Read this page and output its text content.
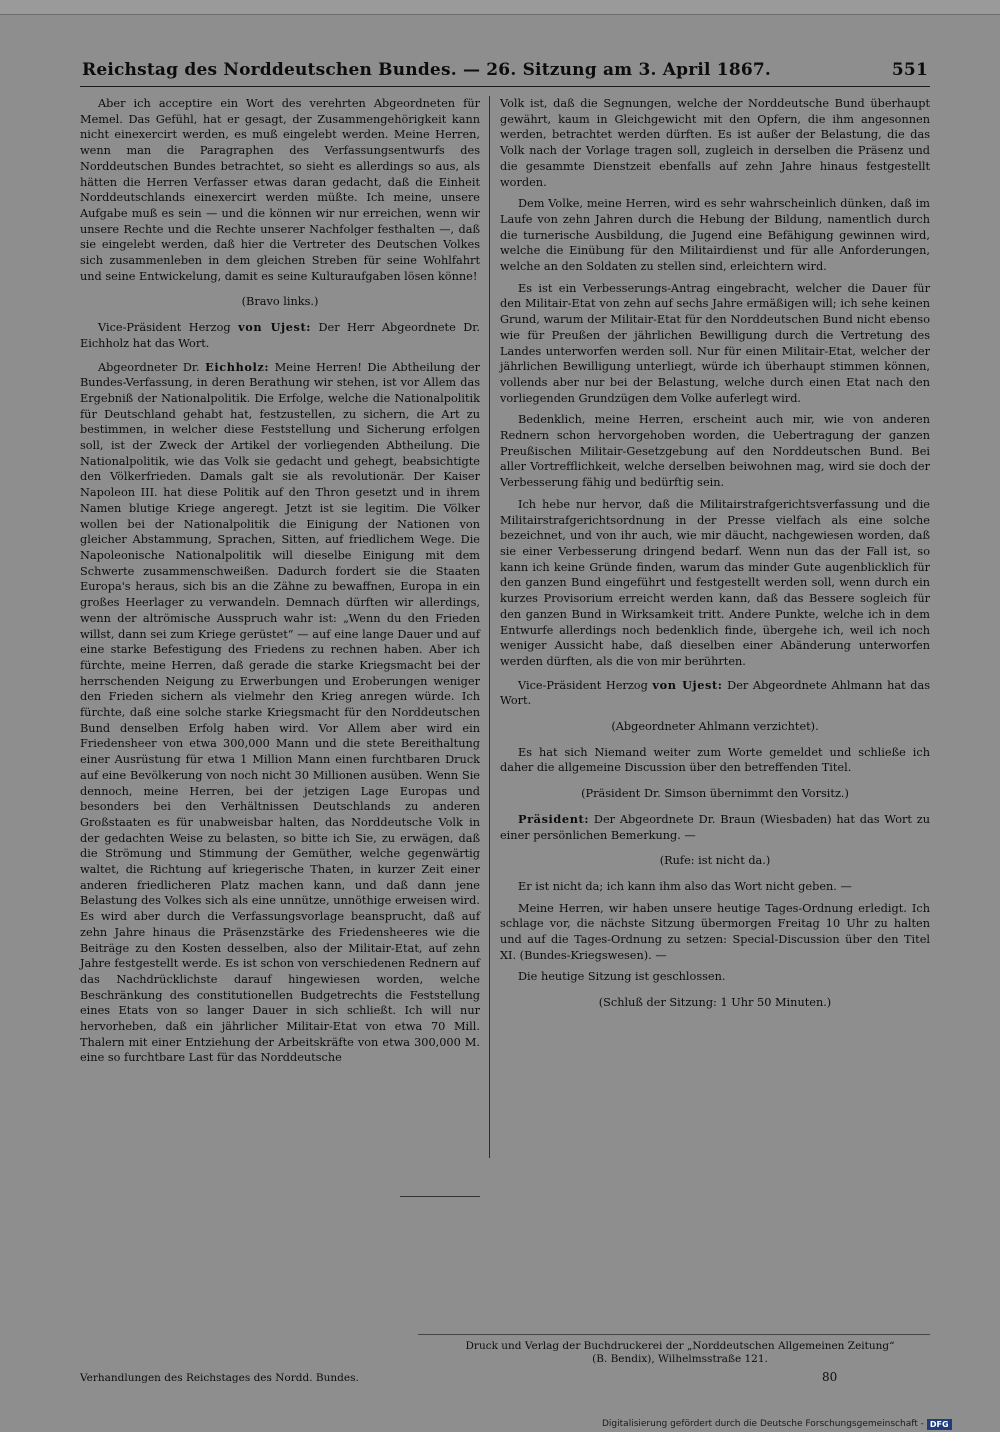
Reichstag des Norddeutschen Bundes. — 26. Sitzung am 3. April 1867.	551

Aber ich acceptire ein Wort des verehrten Abgeordneten für Memel. Das Gefühl, hat er gesagt, der Zusammengehörigkeit kann nicht einexercirt werden, es muß eingelebt werden. Meine Herren, wenn man die Paragraphen des Verfassungsentwurfs des Norddeutschen Bundes betrachtet, so sieht es allerdings so aus, als hätten die Herren Verfasser etwas daran gedacht, daß die Einheit Norddeutschlands einexercirt werden müßte. Ich meine, unsere Aufgabe muß es sein — und die können wir nur erreichen, wenn wir unsere Rechte und die Rechte unserer Nachfolger festhalten —, daß sie eingelebt werden, daß hier die Vertreter des Deutschen Volkes sich zusammenleben in dem gleichen Streben für seine Wohlfahrt und seine Entwickelung, damit es seine Kulturaufgaben lösen könne!

(Bravo links.)

Vice-Präsident Herzog von Ujest: Der Herr Abgeordnete Dr. Eichholz hat das Wort.

Abgeordneter Dr. Eichholz: Meine Herren! Die Abtheilung der Bundes-Verfassung, in deren Berathung wir stehen, ist vor Allem das Ergebniß der Nationalpolitik. Die Erfolge, welche die Nationalpolitik für Deutschland gehabt hat, festzustellen, zu sichern, die Art zu bestimmen, in welcher diese Feststellung und Sicherung erfolgen soll, ist der Zweck der Artikel der vorliegenden Abtheilung. Die Nationalpolitik, wie das Volk sie gedacht und gehegt, beabsichtigte den Völkerfrieden. Damals galt sie als revolutionär. Der Kaiser Napoleon III. hat diese Politik auf den Thron gesetzt und in ihrem Namen blutige Kriege angeregt. Jetzt ist sie legitim. Die Völker wollen bei der Nationalpolitik die Einigung der Nationen von gleicher Abstammung, Sprachen, Sitten, auf friedlichem Wege. Die Napoleonische Nationalpolitik will dieselbe Einigung mit dem Schwerte zusammenschweißen. Dadurch fordert sie die Staaten Europa's heraus, sich bis an die Zähne zu bewaffnen, Europa in ein großes Heerlager zu verwandeln. Demnach dürften wir allerdings, wenn der altrömische Ausspruch wahr ist: „Wenn du den Frieden willst, dann sei zum Kriege gerüstet“ — auf eine lange Dauer und auf eine starke Befestigung des Friedens zu rechnen haben. Aber ich fürchte, meine Herren, daß gerade die starke Kriegsmacht bei der herrschenden Neigung zu Erwerbungen und Eroberungen weniger den Frieden sichern als vielmehr den Krieg anregen würde. Ich fürchte, daß eine solche starke Kriegsmacht für den Norddeutschen Bund denselben Erfolg haben wird. Vor Allem aber wird ein Friedensheer von etwa 300,000 Mann und die stete Bereithaltung einer Ausrüstung für etwa 1 Million Mann einen furchtbaren Druck auf eine Bevölkerung von noch nicht 30 Millionen ausüben. Wenn Sie dennoch, meine Herren, bei der jetzigen Lage Europas und besonders bei den Verhältnissen Deutschlands zu anderen Großstaaten es für unabweisbar halten, das Norddeutsche Volk in der gedachten Weise zu belasten, so bitte ich Sie, zu erwägen, daß die Strömung und Stimmung der Gemüther, welche gegenwärtig waltet, die Richtung auf kriegerische Thaten, in kurzer Zeit einer anderen friedlicheren Platz machen kann, und daß dann jene Belastung des Volkes sich als eine unnütze, unnöthige erweisen wird. Es wird aber durch die Verfassungsvorlage beansprucht, daß auf zehn Jahre hinaus die Präsenzstärke des Friedensheeres wie die Beiträge zu den Kosten desselben, also der Militair-Etat, auf zehn Jahre festgestellt werde. Es ist schon von verschiedenen Rednern auf das Nachdrücklichste darauf hingewiesen worden, welche Beschränkung des constitutionellen Budgetrechts die Feststellung eines Etats von so langer Dauer in sich schließt. Ich will nur hervorheben, daß ein jährlicher Militair-Etat von etwa 70 Mill. Thalern mit einer Entziehung der Arbeitskräfte von etwa 300,000 M. eine so furchtbare Last für das Norddeutsche

Volk ist, daß die Segnungen, welche der Norddeutsche Bund überhaupt gewährt, kaum in Gleichgewicht mit den Opfern, die ihm angesonnen werden, betrachtet werden dürften. Es ist außer der Belastung, die das Volk nach der Vorlage tragen soll, zugleich in derselben die Präsenz und die gesammte Dienstzeit ebenfalls auf zehn Jahre hinaus festgestellt worden.

Dem Volke, meine Herren, wird es sehr wahrscheinlich dünken, daß im Laufe von zehn Jahren durch die Hebung der Bildung, namentlich durch die turnerische Ausbildung, die Jugend eine Befähigung gewinnen wird, welche die Einübung für den Militairdienst und für alle Anforderungen, welche an den Soldaten zu stellen sind, erleichtern wird.

Es ist ein Verbesserungs-Antrag eingebracht, welcher die Dauer für den Militair-Etat von zehn auf sechs Jahre ermäßigen will; ich sehe keinen Grund, warum der Militair-Etat für den Norddeutschen Bund nicht ebenso wie für Preußen der jährlichen Bewilligung durch die Vertretung des Landes unterworfen werden soll. Nur für einen Militair-Etat, welcher der jährlichen Bewilligung unterliegt, würde ich überhaupt stimmen können, vollends aber nur bei der Belastung, welche durch einen Etat nach den vorliegenden Grundzügen dem Volke auferlegt wird.

Bedenklich, meine Herren, erscheint auch mir, wie von anderen Rednern schon hervorgehoben worden, die Uebertragung der ganzen Preußischen Militair-Gesetzgebung auf den Norddeutschen Bund. Bei aller Vortrefflichkeit, welche derselben beiwohnen mag, wird sie doch der Verbesserung fähig und bedürftig sein.

Ich hebe nur hervor, daß die Militairstrafgerichtsverfassung und die Militairstrafgerichtsordnung in der Presse vielfach als eine solche bezeichnet, und von ihr auch, wie mir däucht, nachgewiesen worden, daß sie einer Verbesserung dringend bedarf. Wenn nun das der Fall ist, so kann ich keine Gründe finden, warum das minder Gute augenblicklich für den ganzen Bund eingeführt und festgestellt werden soll, wenn durch ein kurzes Provisorium erreicht werden kann, daß das Bessere sogleich für den ganzen Bund in Wirksamkeit tritt. Andere Punkte, welche ich in dem Entwurfe allerdings noch bedenklich finde, übergehe ich, weil ich noch weniger Aussicht habe, daß dieselben einer Abänderung unterworfen werden dürften, als die von mir berührten.

Vice-Präsident Herzog von Ujest: Der Abgeordnete Ahlmann hat das Wort.

(Abgeordneter Ahlmann verzichtet).

Es hat sich Niemand weiter zum Worte gemeldet und schließe ich daher die allgemeine Discussion über den betreffenden Titel.

(Präsident Dr. Simson übernimmt den Vorsitz.)

Präsident: Der Abgeordnete Dr. Braun (Wiesbaden) hat das Wort zu einer persönlichen Bemerkung. —

(Rufe: ist nicht da.)

Er ist nicht da; ich kann ihm also das Wort nicht geben. —

Meine Herren, wir haben unsere heutige Tages-Ordnung erledigt. Ich schlage vor, die nächste Sitzung übermorgen Freitag 10 Uhr zu halten und auf die Tages-Ordnung zu setzen: Special-Discussion über den Titel XI. (Bundes-Kriegswesen). —

Die heutige Sitzung ist geschlossen.

(Schluß der Sitzung: 1 Uhr 50 Minuten.)

Druck und Verlag der Buchdruckerei der „Norddeutschen Allgemeinen Zeitung“
(B. Bendix), Wilhelmsstraße 121.
Verhandlungen des Reichstages des Nordd. Bundes.	80
Digitalisierung gefördert durch die Deutsche Forschungsgemeinschaft - DFG
